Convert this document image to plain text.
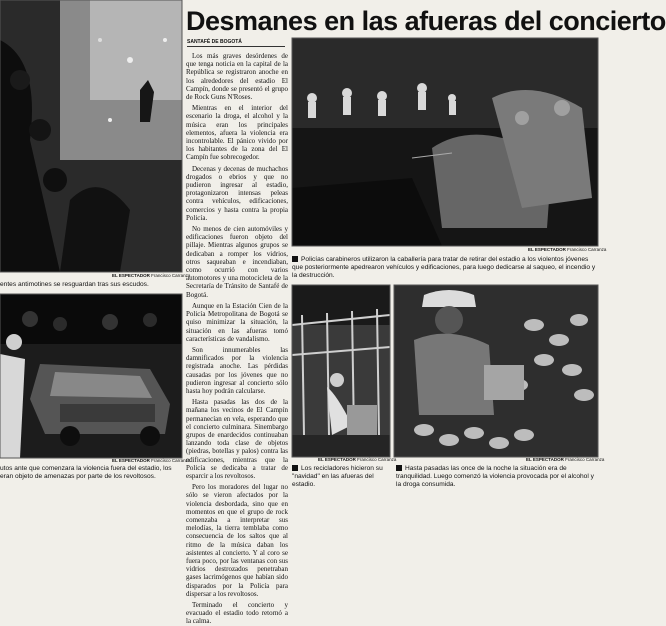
Desmanes en las afueras del concierto
SANTAFÉ DE BOGOTÁ

Los más graves desórdenes de que tenga noticia en la capital de la República se registraron anoche en los alrededores del estadio El Campín, donde se presentó el grupo de Rock Guns N'Roses.

Mientras en el interior del escenario la droga, el alcohol y la música eran los principales elementos, afuera la violencia era incontrolable. El pánico vivido por los habitantes de la zona del El Campín fue sobrecogedor.

Decenas y decenas de muchachos drogados o ebrios y que no pudieron ingresar al estadio, protagonizaron intensas peleas contra vehículos, edificaciones, comercios y hasta contra la propia Policía.

No menos de cien automóviles y edificaciones fueron objeto del pillaje. Mientras algunos grupos se dedicaban a romper los vidrios, otros saqueaban e incendiaban, como ocurrió con varios automotores y una motocicleta de la Secretaría de Tránsito de Santafé de Bogotá.

Aunque en la Estación Cien de la Policía Metropolitana de Bogotá se quiso minimizar la situación, la situación en las afueras tomó características de vandalismo.

Son innumerables las damnificados por la violencia registrada anoche. Las pérdidas causadas por los jóvenes que no pudieron ingresar al concierto sólo hasta hoy podrán calcularse.

Hasta pasadas las dos de la mañana los vecinos de El Campín permanecían en vela, esperando que el concierto culminara. Sinembargo grupos de enardecidos continuaban lanzando toda clase de objetos (piedras, botellas y palos) contra las edificaciones, mientras que la Policía se dedicaba a tratar de esparcir a los revoltosos.

Pero los moradores del lugar no sólo se vieron afectados por la violencia desbordada, sino que en momentos en que el grupo de rock comenzaba a interpretar sus melodías, la tierra temblaba como consecuencia de los saltos que al ritmo de la música daban los asistentes al concierto. Y al coro se fuera poco, por las ventanas con sus vidrios destrozados penetraban gases lacrimógenos que habían sido disparados por la Policía para dispersar a los revoltosos.

Terminado el concierto y evacuado el estadio todo retornó a la calma.

EL ESPECTADOR Francisco Carranza
entes antimotines se resguardan tras sus escudos.
EL ESPECTADOR Francisco Carranza
utos ante que comenzara la violencia fuera del estadio, los eran objeto de amenazas por parte de los revoltosos.
EL ESPECTADOR Francisco Carranza
Policías carabineros utilizaron la caballería para tratar de retirar del estadio a los violentos jóvenes que posteriormente apedrearon vehículos y edificaciones, para luego dedicarse al saqueo, el incendio y la destrucción.
EL ESPECTADOR Francisco Carranza
Los recicladores hicieron su "navidad" en las afueras del estadio.
EL ESPECTADOR Francisco Carranza
Hasta pasadas las once de la noche la situación era de tranquilidad. Luego comenzó la violencia provocada por el alcohol y la droga consumida.
